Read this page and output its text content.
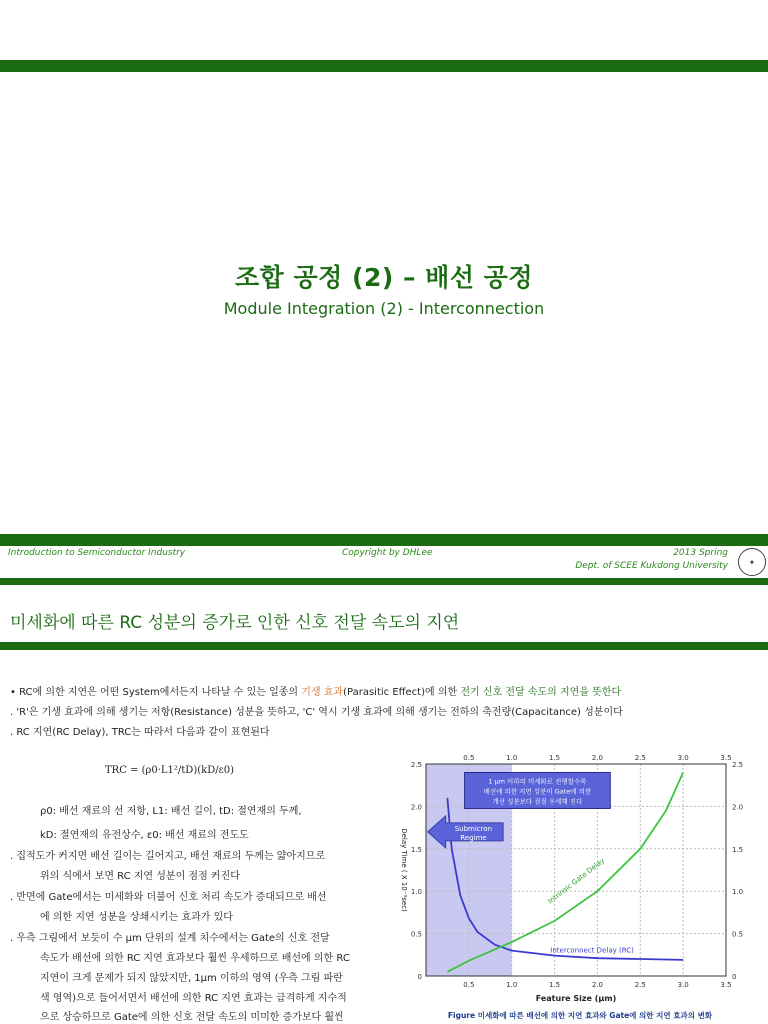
조합 공정 (2) – 배선 공정
Module Integration (2) - Interconnection
Introduction to Semiconductor Industry	Copyright by DHLee	2013 Spring
Dept. of SCEE Kukdong University	✦
미세화에 따른 RC 성분의 증가로 인한 신호 전달 속도의 지연
• RC에 의한 지연은 어떤 System에서든지 나타날 수 있는 일종의 기생 효과(Parasitic Effect)에 의한 전기 신호 전달 속도의 지연을 뜻한다
. 'R'은 기생 효과에 의해 생기는 저항(Resistance) 성분을 뜻하고, 'C' 역시 기생 효과에 의해 생기는 전하의 축전량(Capacitance) 성분이다
. RC 지연(RC Delay), TRC는 따라서 다음과 같이 표현된다
TRC = (ρ0·L1²/tD)(kD/ε0)
ρ0: 배선 재료의 선 저항, L1: 배선 길이, tD: 절연재의 두께,
kD: 절연재의 유전상수, ε0: 배선 재료의 전도도
. 집적도가 커지면 배선 길이는 길어지고, 배선 재료의 두께는 얇아지므로
위의 식에서 보면 RC 지연 성분이 점점 커진다
. 반면에 Gate에서는 미세화와 더불어 신호 처리 속도가 증대되므로 배선
에 의한 지연 성분을 상쇄시키는 효과가 있다
. 우측 그림에서 보듯이 수 µm 단위의 설계 치수에서는 Gate의 신호 전달
속도가 배선에 의한 RC 지연 효과보다 훨씬 우세하므로 배선에 의한 RC
지연이 크게 문제가 되지 않았지만, 1µm 이하의 영역 (우측 그림 파란
색 영역)으로 들어서면서 배선에 의한 RC 지연 효과는 급격하게 지수적
으로 상승하므로 Gate에 의한 신호 전달 속도의 미미한 증가보다 훨씬
0.5
0.5
1.0
1.0
1.5
1.5
2.0
2.0
2.5
2.5
3.0
3.0
3.5
3.5
0	0
0.5	0.5
1.0	1.0
1.5	1.5
2.0	2.0
2.5	2.5
Feature Size (µm)
Delay Time ( X 10⁻⁹sec)
Interconnect Delay (RC)
Intrinsic Gate Delay
Submicron
Regime
1 µm 이하의 미세화로 진행할수록
배선에 의한 지연 성분이 Gate에 의한
개선 성분보다 점점 우세해 진다
Figure 미세화에 따른 배선에 의한 지연 효과와 Gate에 의한 지연 효과의 변화
